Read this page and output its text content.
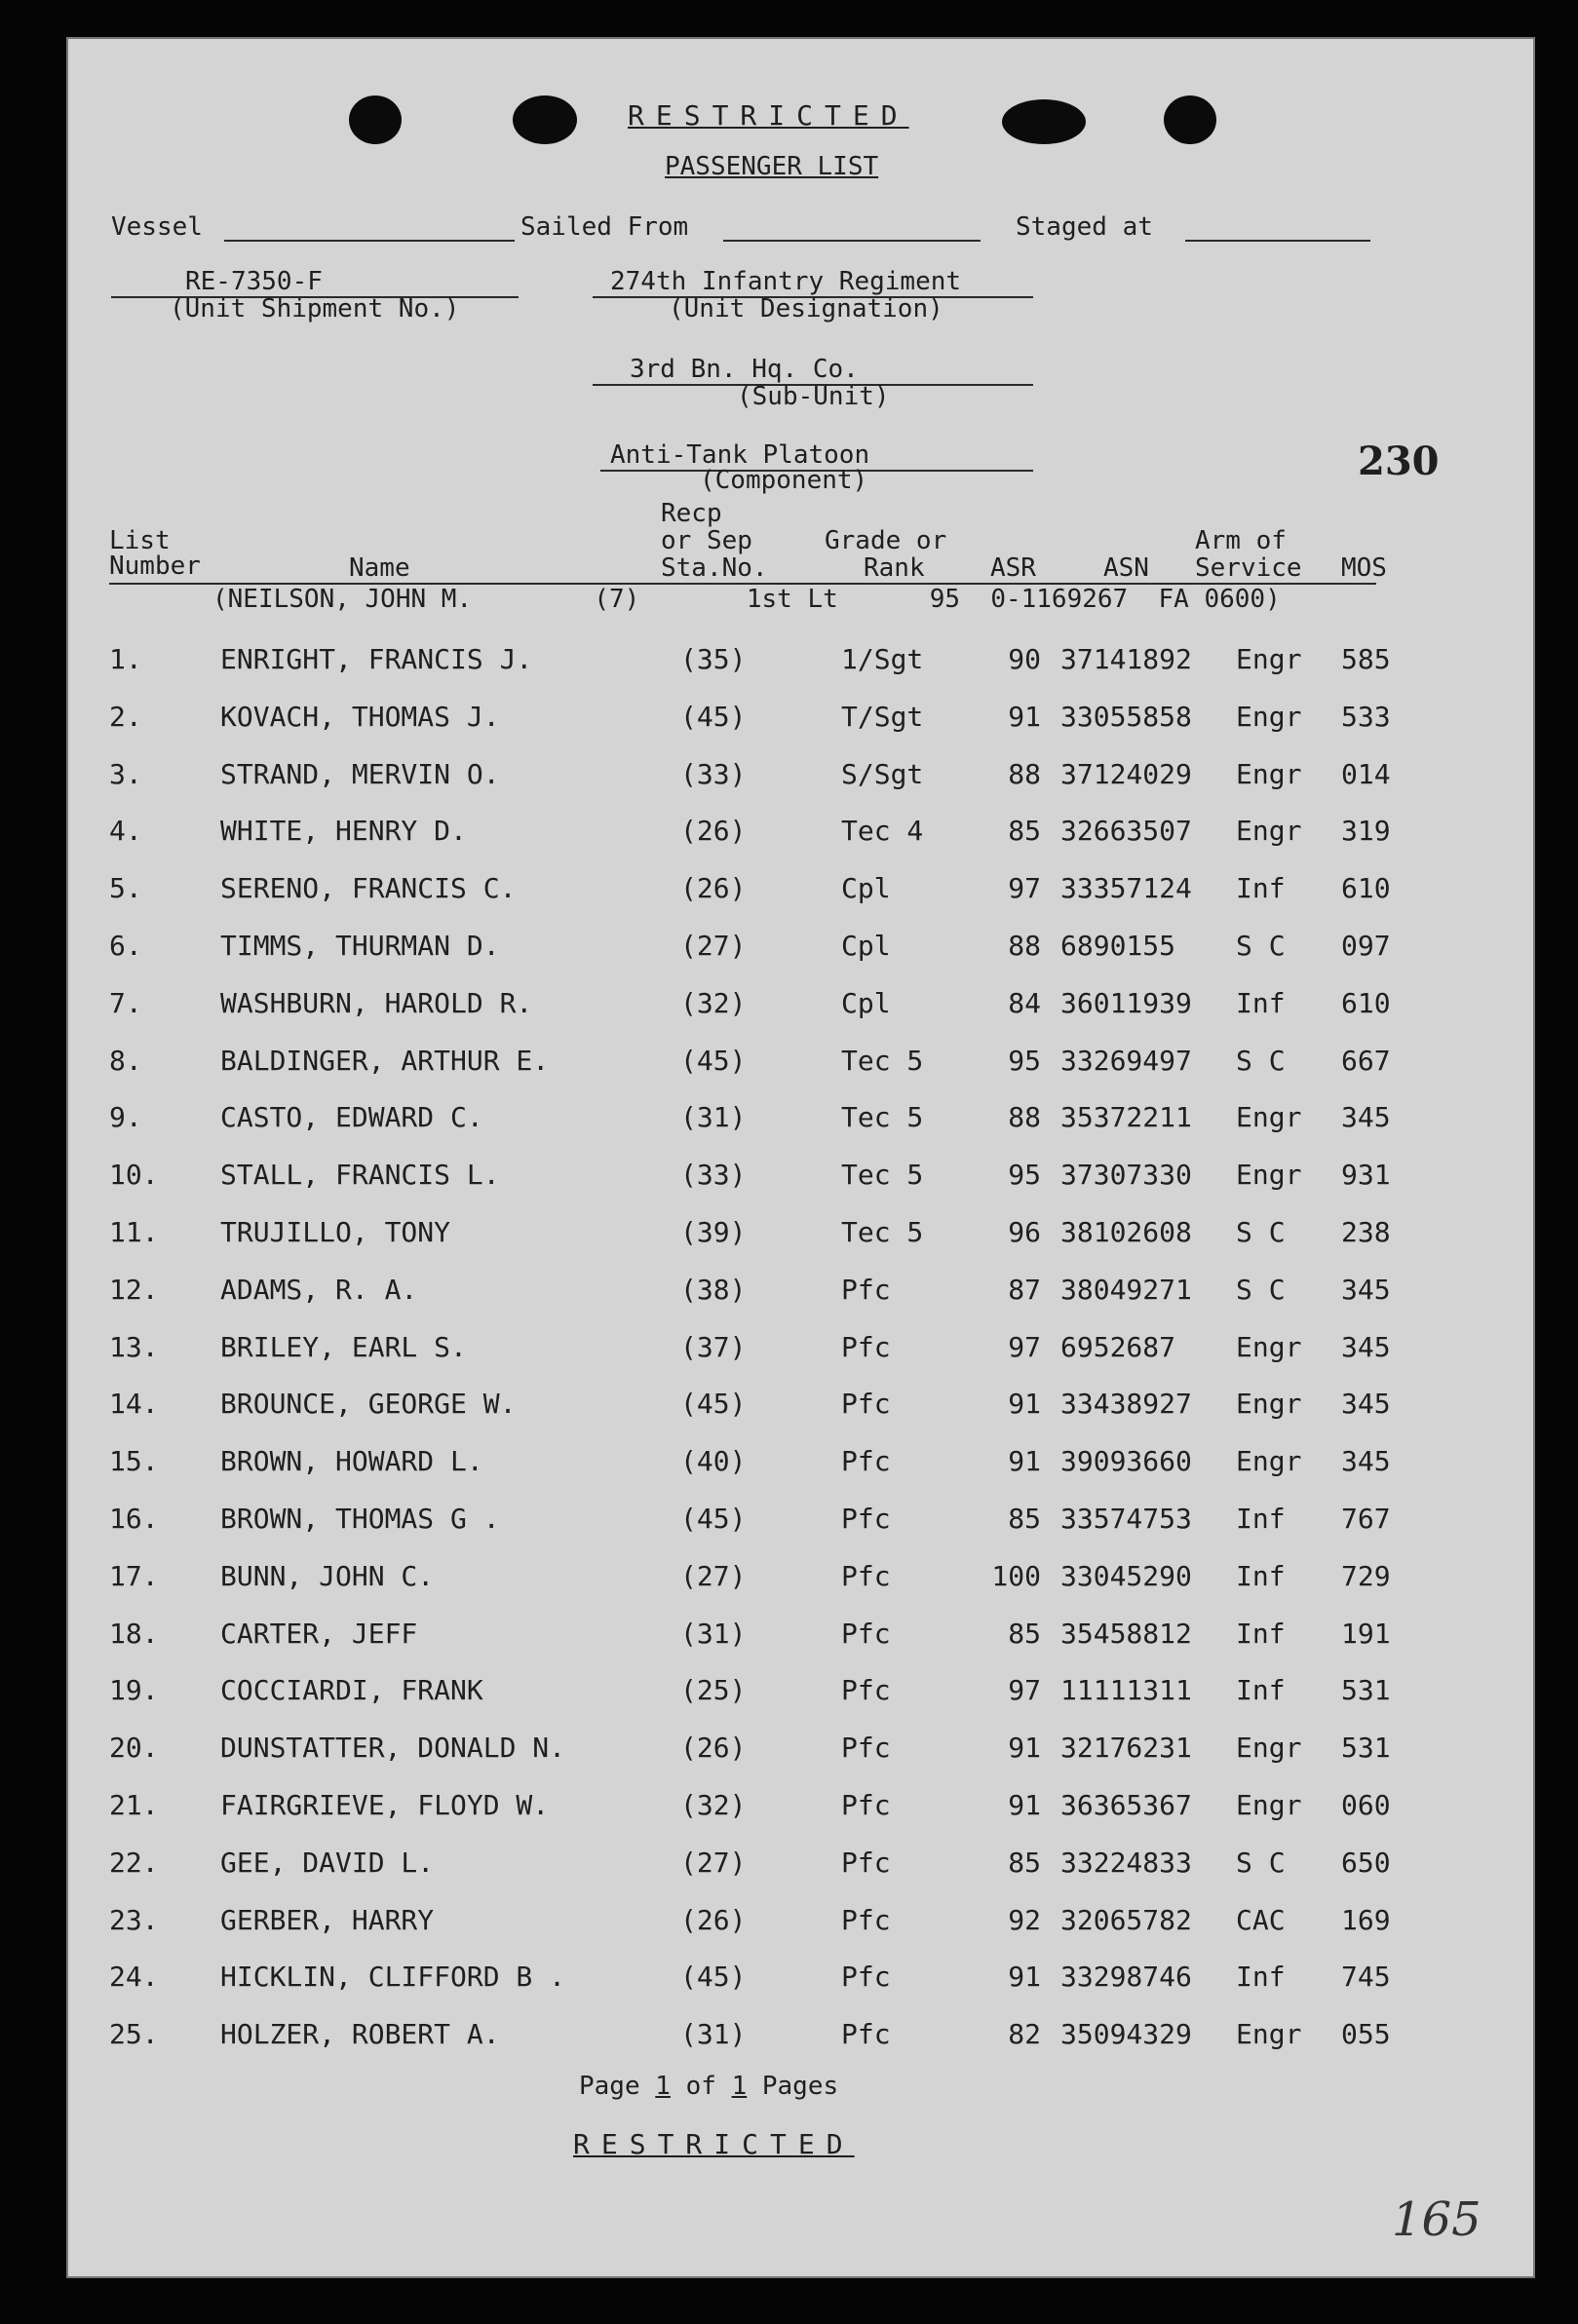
RESTRICTED
PASSENGER LIST
Vessel	Sailed From	Staged at
RE-7350-F
(Unit Shipment No.)
274th Infantry Regiment
(Unit Designation)
3rd Bn. Hq. Co.
(Sub-Unit)
Anti-Tank Platoon
(Component)	230
List
Number	Name
Recp
or Sep
Sta.No.
Grade or
Rank	ASR	ASN
Arm of
Service MOS
(NEILSON, JOHN M.        (7)       1st Lt      95  0-1169267  FA 0600)
1.	ENRIGHT, FRANCIS J.	(35)	1/Sgt	90 37141892 Engr 585
2.	KOVACH, THOMAS J.	(45)	T/Sgt	91 33055858 Engr 533
3.	STRAND, MERVIN O.	(33)	S/Sgt	88 37124029 Engr 014
4.	WHITE, HENRY D.	(26)	Tec 4	85 32663507 Engr 319
5.	SERENO, FRANCIS C.	(26)	Cpl	97 33357124 Inf 610
6.	TIMMS, THURMAN D.	(27)	Cpl	88 6890155 S C 097
7.	WASHBURN, HAROLD R.	(32)	Cpl	84 36011939 Inf 610
8.	BALDINGER, ARTHUR E.	(45)	Tec 5	95 33269497 S C 667
9.	CASTO, EDWARD C.	(31)	Tec 5	88 35372211 Engr 345
10. STALL, FRANCIS L.	(33)	Tec 5	95 37307330 Engr 931
11. TRUJILLO, TONY	(39)	Tec 5	96 38102608 S C 238
12. ADAMS, R. A.	(38)	Pfc	87 38049271 S C 345
13. BRILEY, EARL S.	(37)	Pfc	97 6952687 Engr 345
14. BROUNCE, GEORGE W.	(45)	Pfc	91 33438927 Engr 345
15. BROWN, HOWARD L.	(40)	Pfc	91 39093660 Engr 345
16. BROWN, THOMAS G .	(45)	Pfc	85 33574753 Inf 767
17. BUNN, JOHN C.	(27)	Pfc	100 33045290 Inf 729
18. CARTER, JEFF	(31)	Pfc	85 35458812 Inf 191
19. COCCIARDI, FRANK	(25)	Pfc	97 11111311 Inf 531
20. DUNSTATTER, DONALD N.	(26)	Pfc	91 32176231 Engr 531
21. FAIRGRIEVE, FLOYD W.	(32)	Pfc	91 36365367 Engr 060
22. GEE, DAVID L.	(27)	Pfc	85 33224833 S C 650
23. GERBER, HARRY	(26)	Pfc	92 32065782 CAC 169
24. HICKLIN, CLIFFORD B .	(45)	Pfc	91 33298746 Inf 745
25. HOLZER, ROBERT A.	(31)	Pfc	82 35094329 Engr 055
Page 1 of 1 Pages
RESTRICTED
165
